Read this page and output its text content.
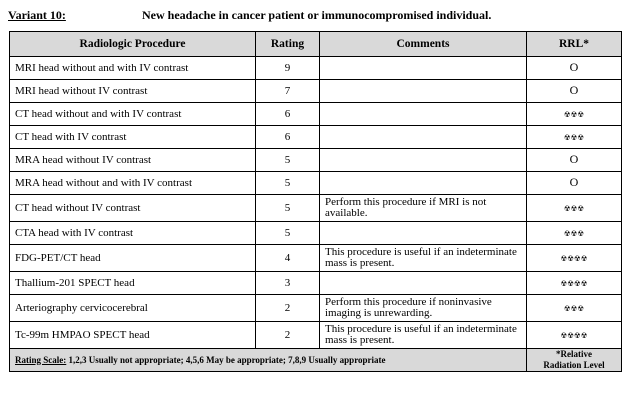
Variant 10:	New headache in cancer patient or immunocompromised individual.
Radiologic Procedure	Rating	Comments	RRL*
MRI head without and with IV contrast	9		O
MRI head without IV contrast	7		O
CT head without and with IV contrast	6		☢☢☢
CT head with IV contrast	6		☢☢☢
MRA head without IV contrast	5		O
MRA head without and with IV contrast	5		O
CT head without IV contrast	5	Perform this procedure if MRI is not available.	☢☢☢
CTA head with IV contrast	5		☢☢☢
FDG-PET/CT head	4	This procedure is useful if an indeterminate mass is present.	☢☢☢☢
Thallium-201 SPECT head	3		☢☢☢☢
Arteriography cervicocerebral	2	Perform this procedure if noninvasive imaging is unrewarding.	☢☢☢
Tc-99m HMPAO SPECT head	2	This procedure is useful if an indeterminate mass is present.	☢☢☢☢
Rating Scale: 1,2,3 Usually not appropriate; 4,5,6 May be appropriate; 7,8,9 Usually appropriate			*Relative
Radiation Level
